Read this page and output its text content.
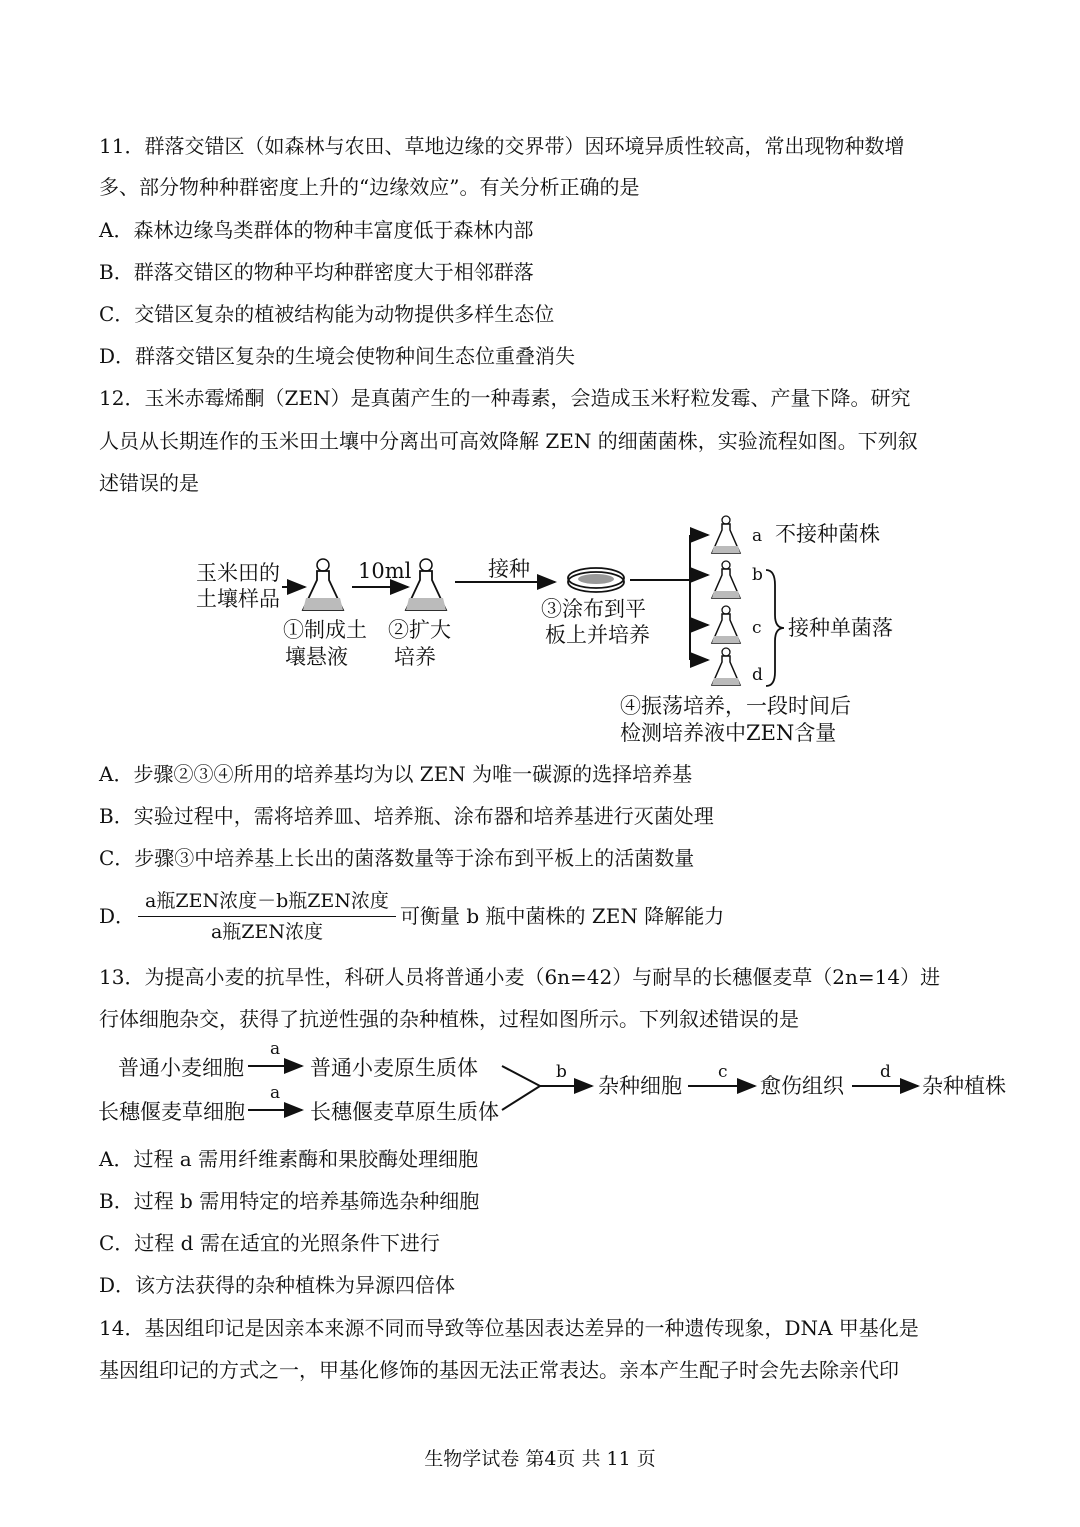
11．群落交错区（如森林与农田、草地边缘的交界带）因环境异质性较高，常出现物种数增
多、部分物种种群密度上升的“边缘效应”。有关分析正确的是
A．森林边缘鸟类群体的物种丰富度低于森林内部
B．群落交错区的物种平均种群密度大于相邻群落
C．交错区复杂的植被结构能为动物提供多样生态位
D．群落交错区复杂的生境会使物种间生态位重叠消失
12．玉米赤霉烯酮（ZEN）是真菌产生的一种毒素，会造成玉米籽粒发霉、产量下降。研究
人员从长期连作的玉米田土壤中分离出可高效降解 ZEN 的细菌菌株，实验流程如图。下列叙
述错误的是
玉米田的
土壤样品
①制成土
壤悬液
10ml
②扩大
培养
接种
③涂布到平
板上并培养
a
b
c
d
不接种菌株
接种单菌落
④振荡培养，一段时间后
检测培养液中ZEN含量
普通小麦细胞
a
普通小麦原生质体
长穗偃麦草细胞
a
长穗偃麦草原生质体
b
杂种细胞
c
愈伤组织
d
杂种植株
A．步骤②③④所用的培养基均为以 ZEN 为唯一碳源的选择培养基
B．实验过程中，需将培养皿、培养瓶、涂布器和培养基进行灭菌处理
C．步骤③中培养基上长出的菌落数量等于涂布到平板上的活菌数量
D．
a瓶ZEN浓度－b瓶ZEN浓度
a瓶ZEN浓度
可衡量 b 瓶中菌株的 ZEN 降解能力
13．为提高小麦的抗旱性，科研人员将普通小麦（6n=42）与耐旱的长穗偃麦草（2n=14）进
行体细胞杂交，获得了抗逆性强的杂种植株，过程如图所示。下列叙述错误的是
A．过程 a 需用纤维素酶和果胶酶处理细胞
B．过程 b 需用特定的培养基筛选杂种细胞
C．过程 d 需在适宜的光照条件下进行
D．该方法获得的杂种植株为异源四倍体
14．基因组印记是因亲本来源不同而导致等位基因表达差异的一种遗传现象，DNA 甲基化是
基因组印记的方式之一，甲基化修饰的基因无法正常表达。亲本产生配子时会先去除亲代印
生物学试卷 第4页 共 11 页
